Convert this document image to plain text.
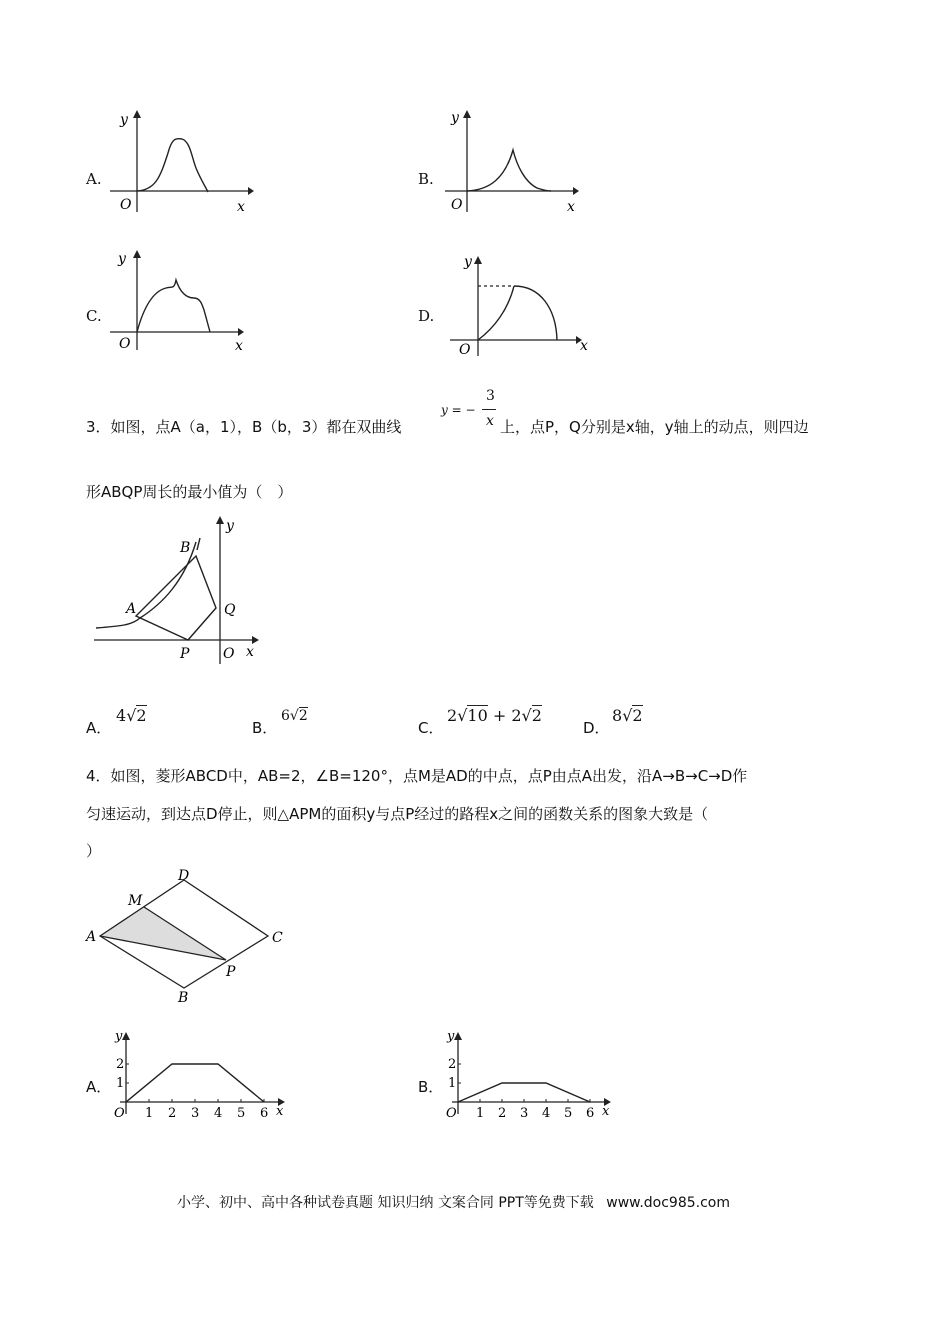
A.
y
O	x
B.
y
O	x
C.
y
O	x
D.
y
O	x
3．如图，点A（a，1），B（b，3）都在双曲线
y = −
3
x 上，点P，Q分别是x轴，y轴上的动点，则四边
形ABQP周长的最小值为（　）
B
A	Q
P O x
y
A．
4√2
B．
6√2
C．
2√10 + 2√2
D．
8√2
4．如图，菱形ABCD中，AB=2，∠B=120°，点M是AD的中点，点P由点A出发，沿A→B→C→D作
匀速运动，到达点D停止，则△APM的面积y与点P经过的路程x之间的函数关系的图象大致是（
）
D
M
A	C
P
B
A．
y
1
2
O 1 2 3 4 5 6 x
B．
y
1
2
O 1 2 3 4 5 6 x
小学、初中、高中各种试卷真题 知识归纳 文案合同 PPT等免费下载 www.doc985.com
